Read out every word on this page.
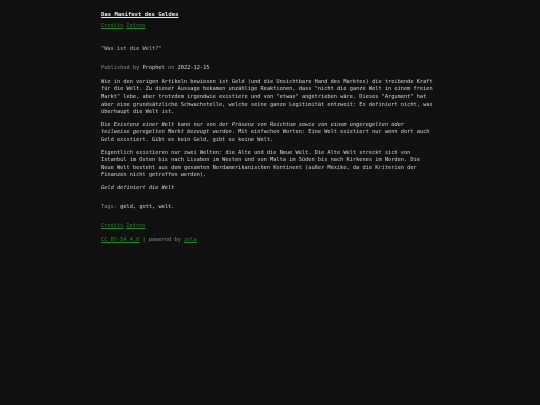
Das Manifest des Geldes
Credits Intros
"Was ist die Welt?"
Published by Prophet on 2022-12-15

Wie in den vorigen Artikeln bewiesen ist Geld (und die Unsichtbare Hand des Marktes) die treibende Kraft für die Welt. Zu dieser Aussage bekamen unzählige Reaktionen, dass "nicht die ganze Welt in einem freien Markt" lebe, aber trotzdem irgendwie existiere und von "etwas" angetrieben wäre. Dieses "Argument" hat aber eine grundsätzliche Schwachstelle, welche seine ganze Legitimität entzweit: Es definiert nicht, was überhaupt die Welt ist.

Die Existenz einer Welt kann nur von der Präsenz von Reichtum sowie von einem ungeregelten oder teilweise geregelten Markt bezeugt werden. Mit einfachen Worten: Eine Welt existiert nur wenn dort auch Geld existiert. Gibt es kein Geld, gibt es keine Welt.

Eigentlich existieren nur zwei Welten: die Alte und die Neue Welt. Die Alte Welt streckt sich von Istanbul im Osten bis nach Lisabon im Westen und von Malta im Süden bis nach Kirkenes im Norden. Die Neue Welt besteht aus dem gesamten Nordamerikanischen Kontinent (außer Mexiko, da die Kriterien der Finanzen nicht getroffen werden).

Geld definiert die Welt

Tags: geld, gott, welt.
Credits Intros
CC BY-SA 4.0 | powered by zola
